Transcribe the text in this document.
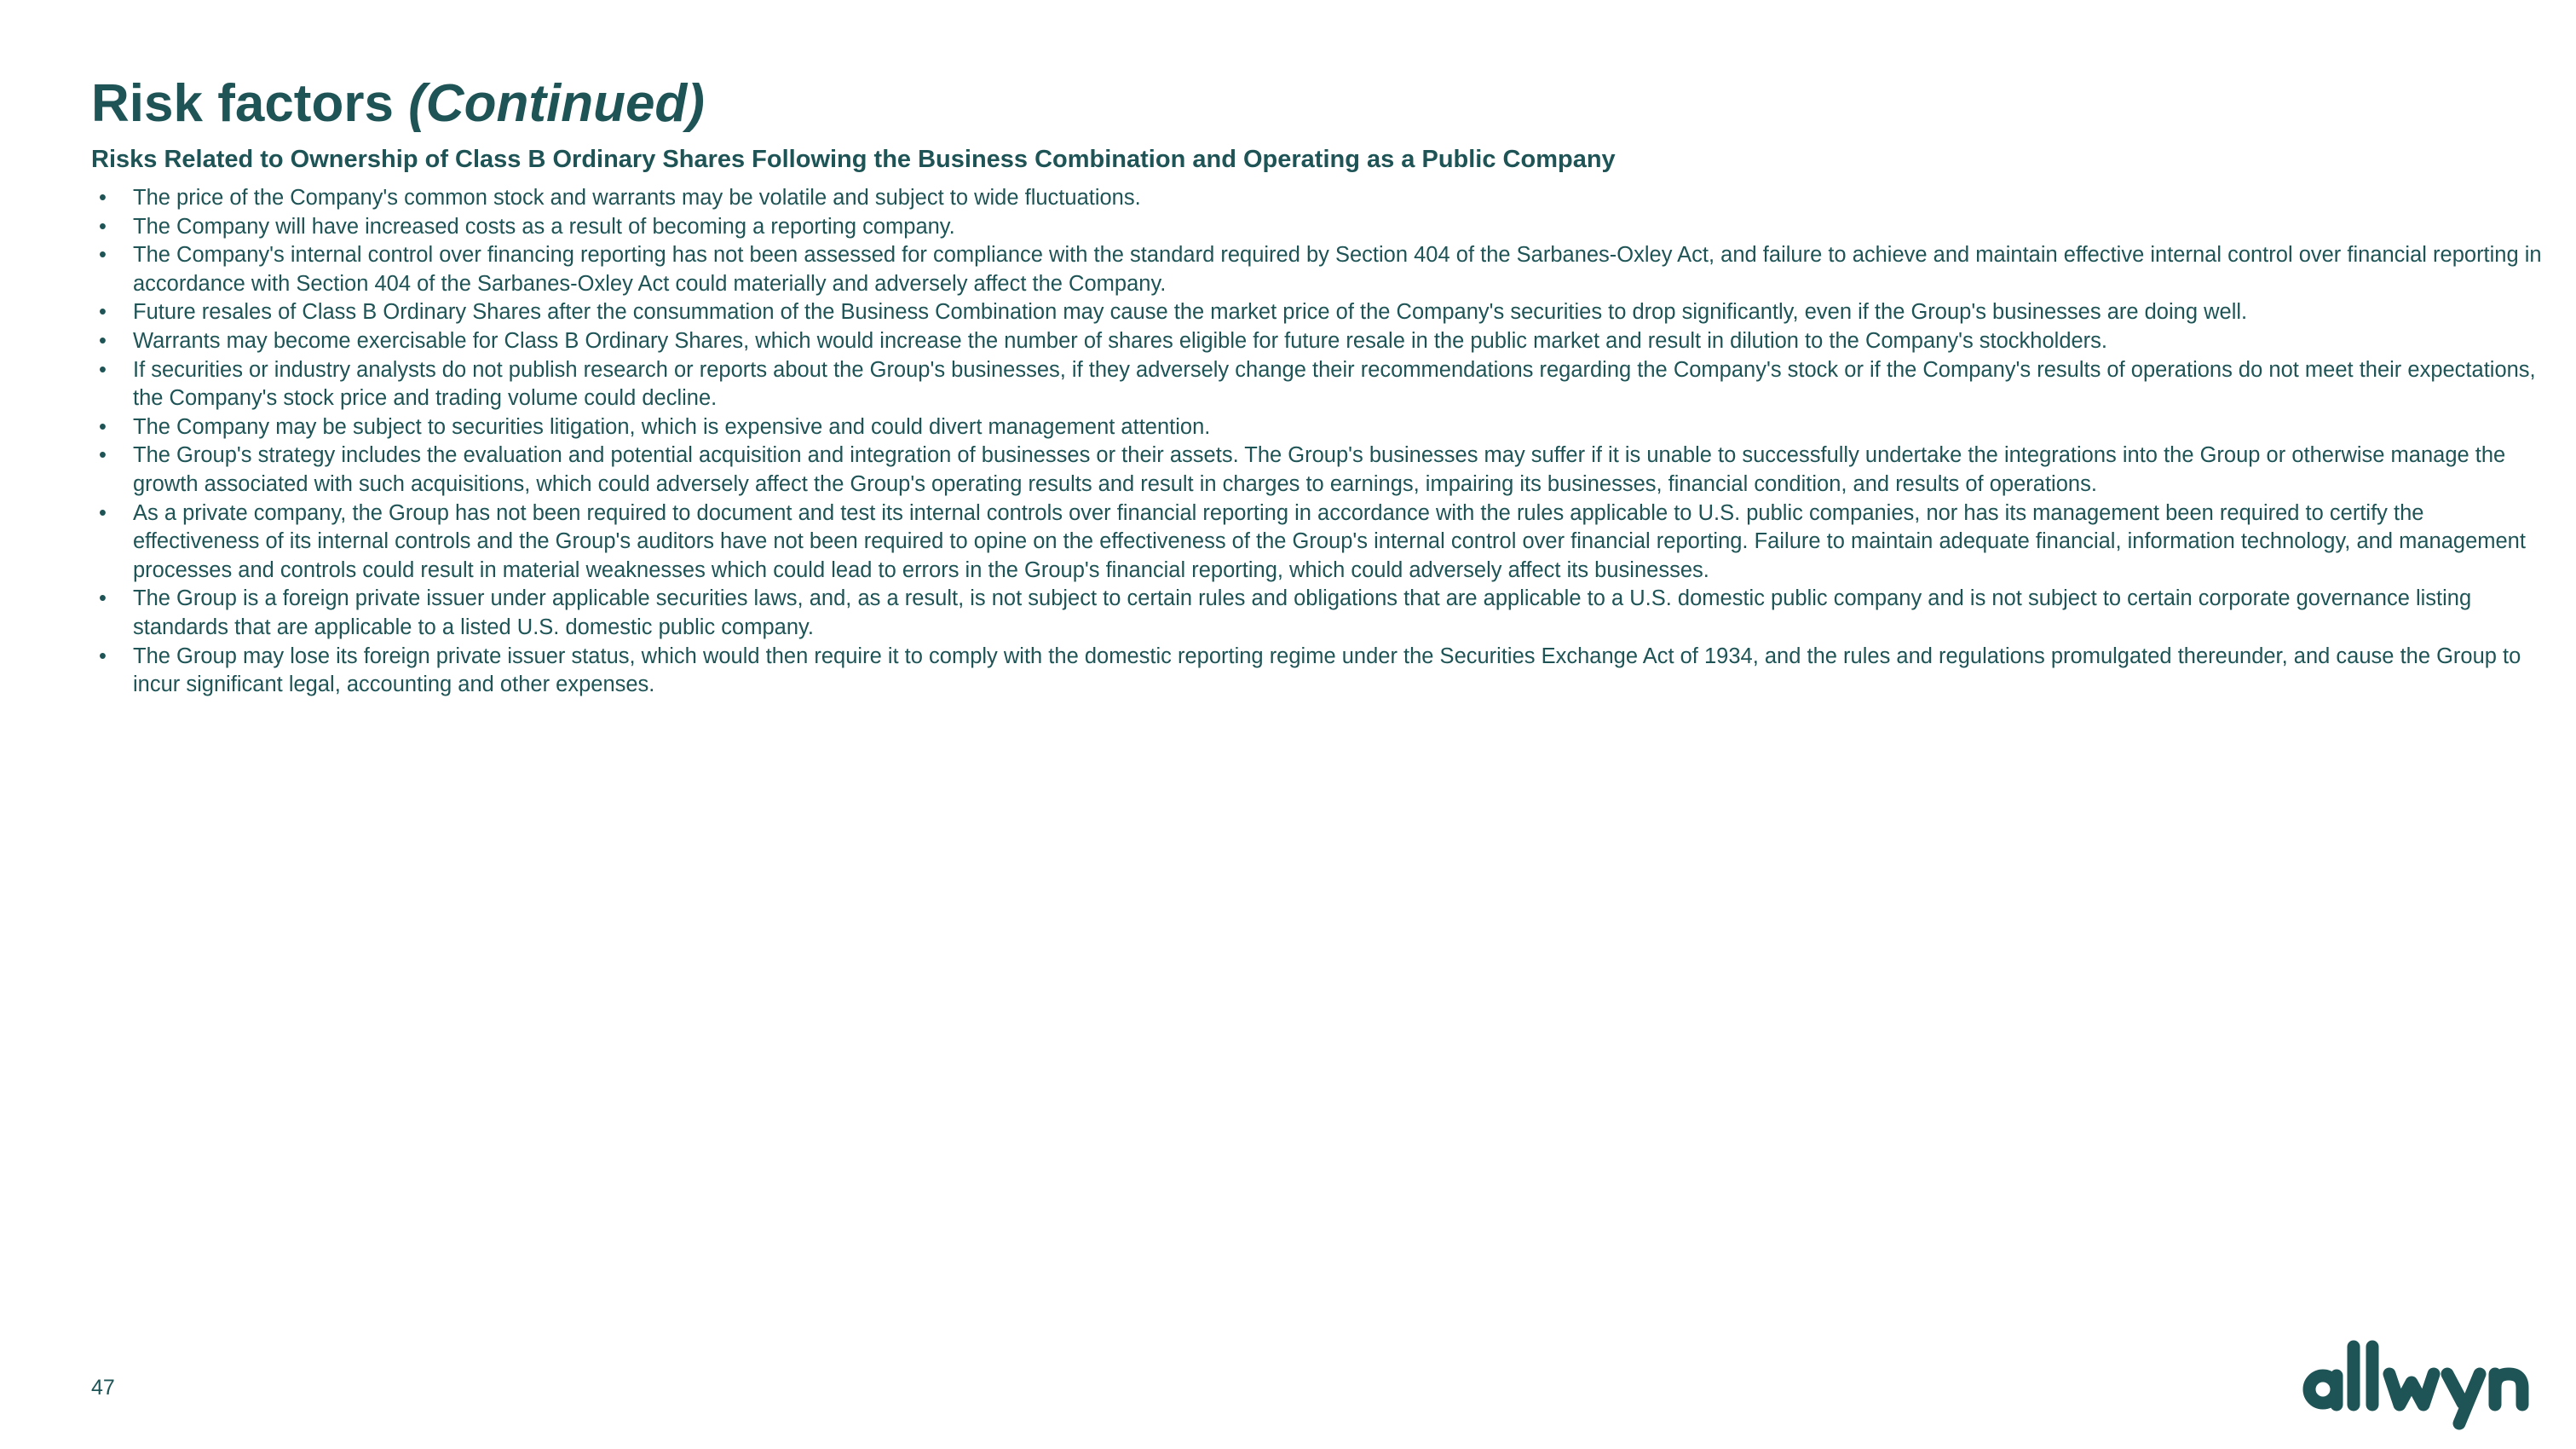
Risk factors (Continued)
Risks Related to Ownership of Class B Ordinary Shares Following the Business Combination and Operating as a Public Company
• The price of the Company's common stock and warrants may be volatile and subject to wide fluctuations.
• The Company will have increased costs as a result of becoming a reporting company.
• The Company's internal control over financing reporting has not been assessed for compliance with the standard required by Section 404 of the Sarbanes-Oxley Act, and failure to achieve and maintain effective internal control over financial reporting in accordance with Section 404 of the Sarbanes-Oxley Act could materially and adversely affect the Company.
• Future resales of Class B Ordinary Shares after the consummation of the Business Combination may cause the market price of the Company's securities to drop significantly, even if the Group's businesses are doing well.
• Warrants may become exercisable for Class B Ordinary Shares, which would increase the number of shares eligible for future resale in the public market and result in dilution to the Company's stockholders.
• If securities or industry analysts do not publish research or reports about the Group's businesses, if they adversely change their recommendations regarding the Company's stock or if the Company's results of operations do not meet their expectations, the Company's stock price and trading volume could decline.
• The Company may be subject to securities litigation, which is expensive and could divert management attention.
• The Group's strategy includes the evaluation and potential acquisition and integration of businesses or their assets. The Group's businesses may suffer if it is unable to successfully undertake the integrations into the Group or otherwise manage the growth associated with such acquisitions, which could adversely affect the Group's operating results and result in charges to earnings, impairing its businesses, financial condition, and results of operations.
• As a private company, the Group has not been required to document and test its internal controls over financial reporting in accordance with the rules applicable to U.S. public companies, nor has its management been required to certify the effectiveness of its internal controls and the Group's auditors have not been required to opine on the effectiveness of the Group's internal control over financial reporting. Failure to maintain adequate financial, information technology, and management processes and controls could result in material weaknesses which could lead to errors in the Group's financial reporting, which could adversely affect its businesses.
• The Group is a foreign private issuer under applicable securities laws, and, as a result, is not subject to certain rules and obligations that are applicable to a U.S. domestic public company and is not subject to certain corporate governance listing standards that are applicable to a listed U.S. domestic public company.
• The Group may lose its foreign private issuer status, which would then require it to comply with the domestic reporting regime under the Securities Exchange Act of 1934, and the rules and regulations promulgated thereunder, and cause the Group to incur significant legal, accounting and other expenses.
47
